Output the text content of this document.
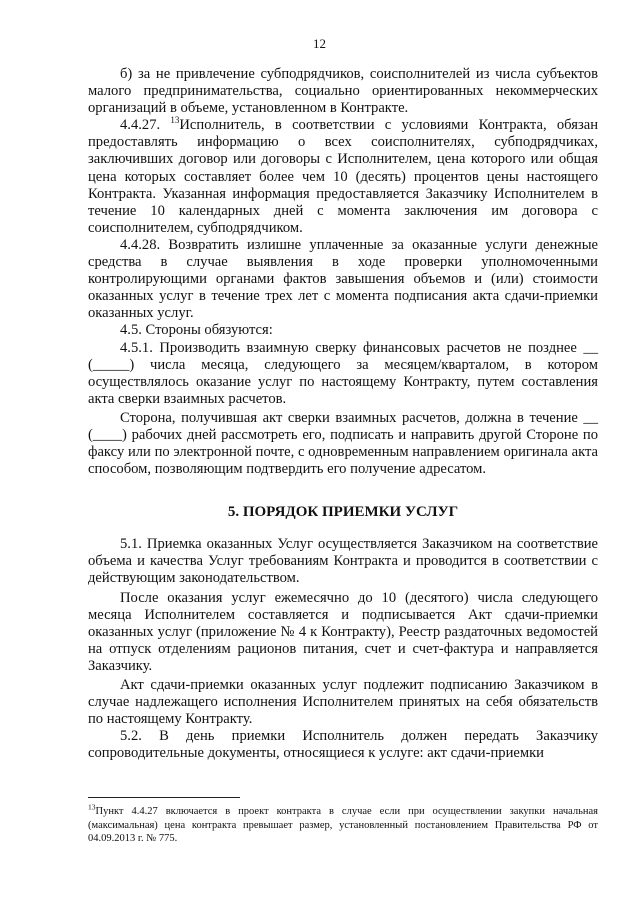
12

б) за не привлечение субподрядчиков, соисполнителей из числа субъектов малого предпринимательства, социально ориентированных некоммерческих организаций в объеме, установленном в Контракте.

4.4.27. $^{13}$Исполнитель, в соответствии с условиями Контракта, обязан предоставлять информацию о всех соисполнителях, субподрядчиках, заключивших договор или договоры с Исполнителем, цена которого или общая цена которых составляет более чем 10 (десять) процентов цены настоящего Контракта. Указанная информация предоставляется Заказчику Исполнителем в течение 10 календарных дней с момента заключения им договора с соисполнителем, субподрядчиком.

4.4.28. Возвратить излишне уплаченные за оказанные услуги денежные средства в случае выявления в ходе проверки уполномоченными контролирующими органами фактов завышения объемов и (или) стоимости оказанных услуг в течение трех лет с момента подписания акта сдачи-приемки оказанных услуг.

4.5. Стороны обязуются:

4.5.1. Производить взаимную сверку финансовых расчетов не позднее __ (_____) числа месяца, следующего за месяцем/кварталом, в котором осуществлялось оказание услуг по настоящему Контракту, путем составления акта сверки взаимных расчетов.

Сторона, получившая акт сверки взаимных расчетов, должна в течение __ (____) рабочих дней рассмотреть его, подписать и направить другой Стороне по факсу или по электронной почте, с одновременным направлением оригинала акта способом, позволяющим подтвердить его получение адресатом.

5. ПОРЯДОК ПРИЕМКИ УСЛУГ

5.1. Приемка оказанных Услуг осуществляется Заказчиком на соответствие объема и качества Услуг требованиям Контракта и проводится в соответствии с действующим законодательством.

После оказания услуг ежемесячно до 10 (десятого) числа следующего месяца Исполнителем составляется и подписывается Акт сдачи-приемки оказанных услуг (приложение № 4 к Контракту), Реестр раздаточных ведомостей на отпуск отделениям рационов питания, счет и счет-фактура и направляется Заказчику.

Акт сдачи-приемки оказанных услуг подлежит подписанию Заказчиком в случае надлежащего исполнения Исполнителем принятых на себя обязательств по настоящему Контракту.

5.2. В день приемки Исполнитель должен передать Заказчику сопроводительные документы, относящиеся к услуге: акт сдачи-приемки

$^{13}$Пункт 4.4.27 включается в проект контракта в случае если при осуществлении закупки начальная (максимальная) цена контракта превышает размер, установленный постановлением Правительства РФ от 04.09.2013 г. № 775.
